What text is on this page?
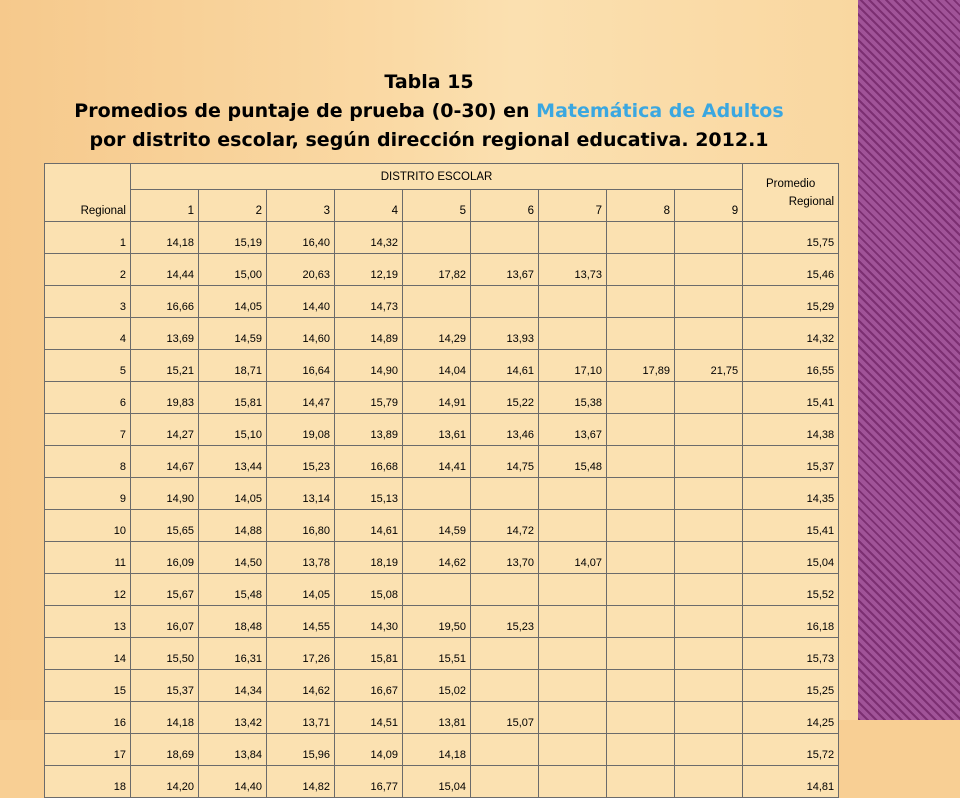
Tabla 15
Promedios de puntaje de prueba (0-30) en Matemática de Adultos
por distrito escolar, según dirección regional educativa. 2012.1
Regional	DISTRITO ESCOLAR									Promedio
Regional

	1	2	3	4	5	6	7	8	9	
1	14,18	15,19	16,40	14,32						15,75
2	14,44	15,00	20,63	12,19	17,82	13,67	13,73			15,46
3	16,66	14,05	14,40	14,73						15,29
4	13,69	14,59	14,60	14,89	14,29	13,93				14,32
5	15,21	18,71	16,64	14,90	14,04	14,61	17,10	17,89	21,75	16,55
6	19,83	15,81	14,47	15,79	14,91	15,22	15,38			15,41
7	14,27	15,10	19,08	13,89	13,61	13,46	13,67			14,38
8	14,67	13,44	15,23	16,68	14,41	14,75	15,48			15,37
9	14,90	14,05	13,14	15,13						14,35
10	15,65	14,88	16,80	14,61	14,59	14,72				15,41
11	16,09	14,50	13,78	18,19	14,62	13,70	14,07			15,04
12	15,67	15,48	14,05	15,08						15,52
13	16,07	18,48	14,55	14,30	19,50	15,23				16,18
14	15,50	16,31	17,26	15,81	15,51					15,73
15	15,37	14,34	14,62	16,67	15,02					15,25
16	14,18	13,42	13,71	14,51	13,81	15,07				14,25
17	18,69	13,84	15,96	14,09	14,18					15,72
18	14,20	14,40	14,82	16,77	15,04					14,81
